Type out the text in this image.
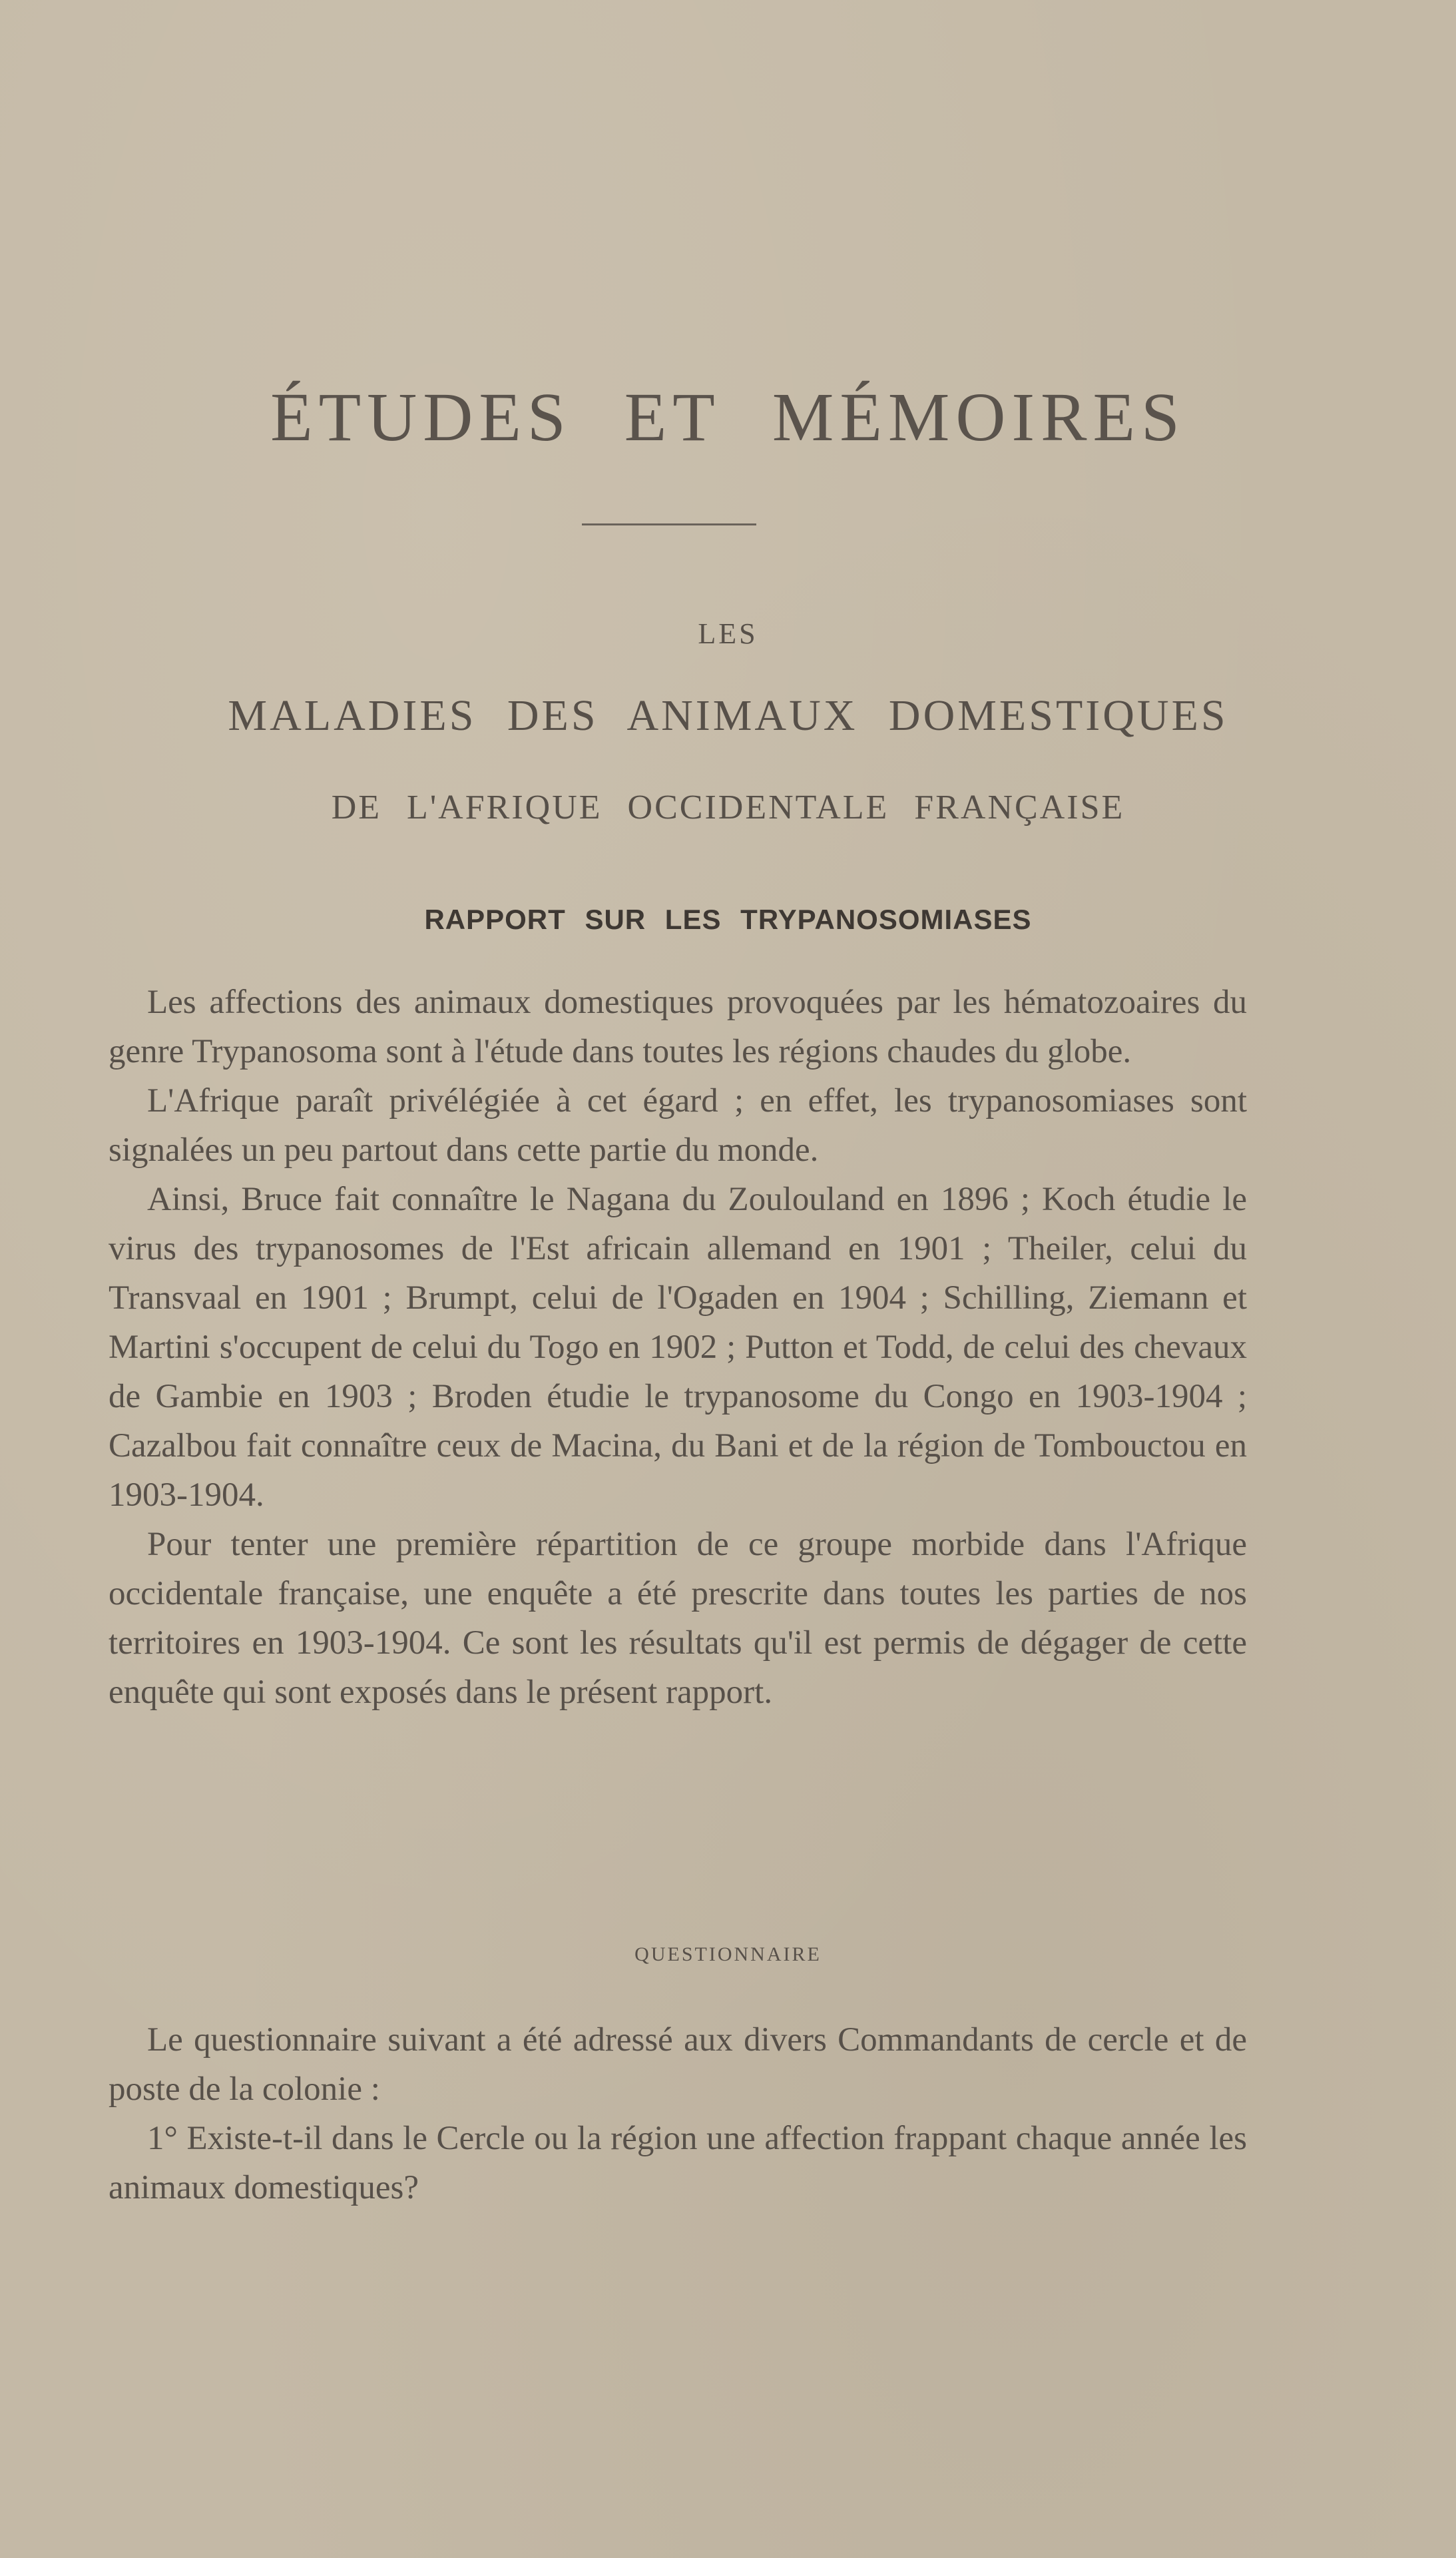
ÉTUDES ET MÉMOIRES
LES
MALADIES DES ANIMAUX DOMESTIQUES
DE L'AFRIQUE OCCIDENTALE FRANÇAISE
RAPPORT SUR LES TRYPANOSOMIASES

Les affections des animaux domestiques provoquées par les hématozoaires du genre Trypanosoma sont à l'étude dans toutes les régions chaudes du globe.

L'Afrique paraît privélégiée à cet égard ; en effet, les trypanosomiases sont signalées un peu partout dans cette partie du monde.

Ainsi, Bruce fait connaître le Nagana du Zoulouland en 1896 ; Koch étudie le virus des trypanosomes de l'Est africain allemand en 1901 ; Theiler, celui du Transvaal en 1901 ; Brumpt, celui de l'Ogaden en 1904 ; Schilling, Ziemann et Martini s'occupent de celui du Togo en 1902 ; Putton et Todd, de celui des chevaux de Gambie en 1903 ; Broden étudie le trypanosome du Congo en 1903-1904 ; Cazalbou fait connaître ceux de Macina, du Bani et de la région de Tombouctou en 1903-1904.

Pour tenter une première répartition de ce groupe morbide dans l'Afrique occidentale française, une enquête a été prescrite dans toutes les parties de nos territoires en 1903-1904. Ce sont les résultats qu'il est permis de dégager de cette enquête qui sont exposés dans le présent rapport.

QUESTIONNAIRE

Le questionnaire suivant a été adressé aux divers Commandants de cercle et de poste de la colonie :

1° Existe-t-il dans le Cercle ou la région une affection frappant chaque année les animaux domestiques?
